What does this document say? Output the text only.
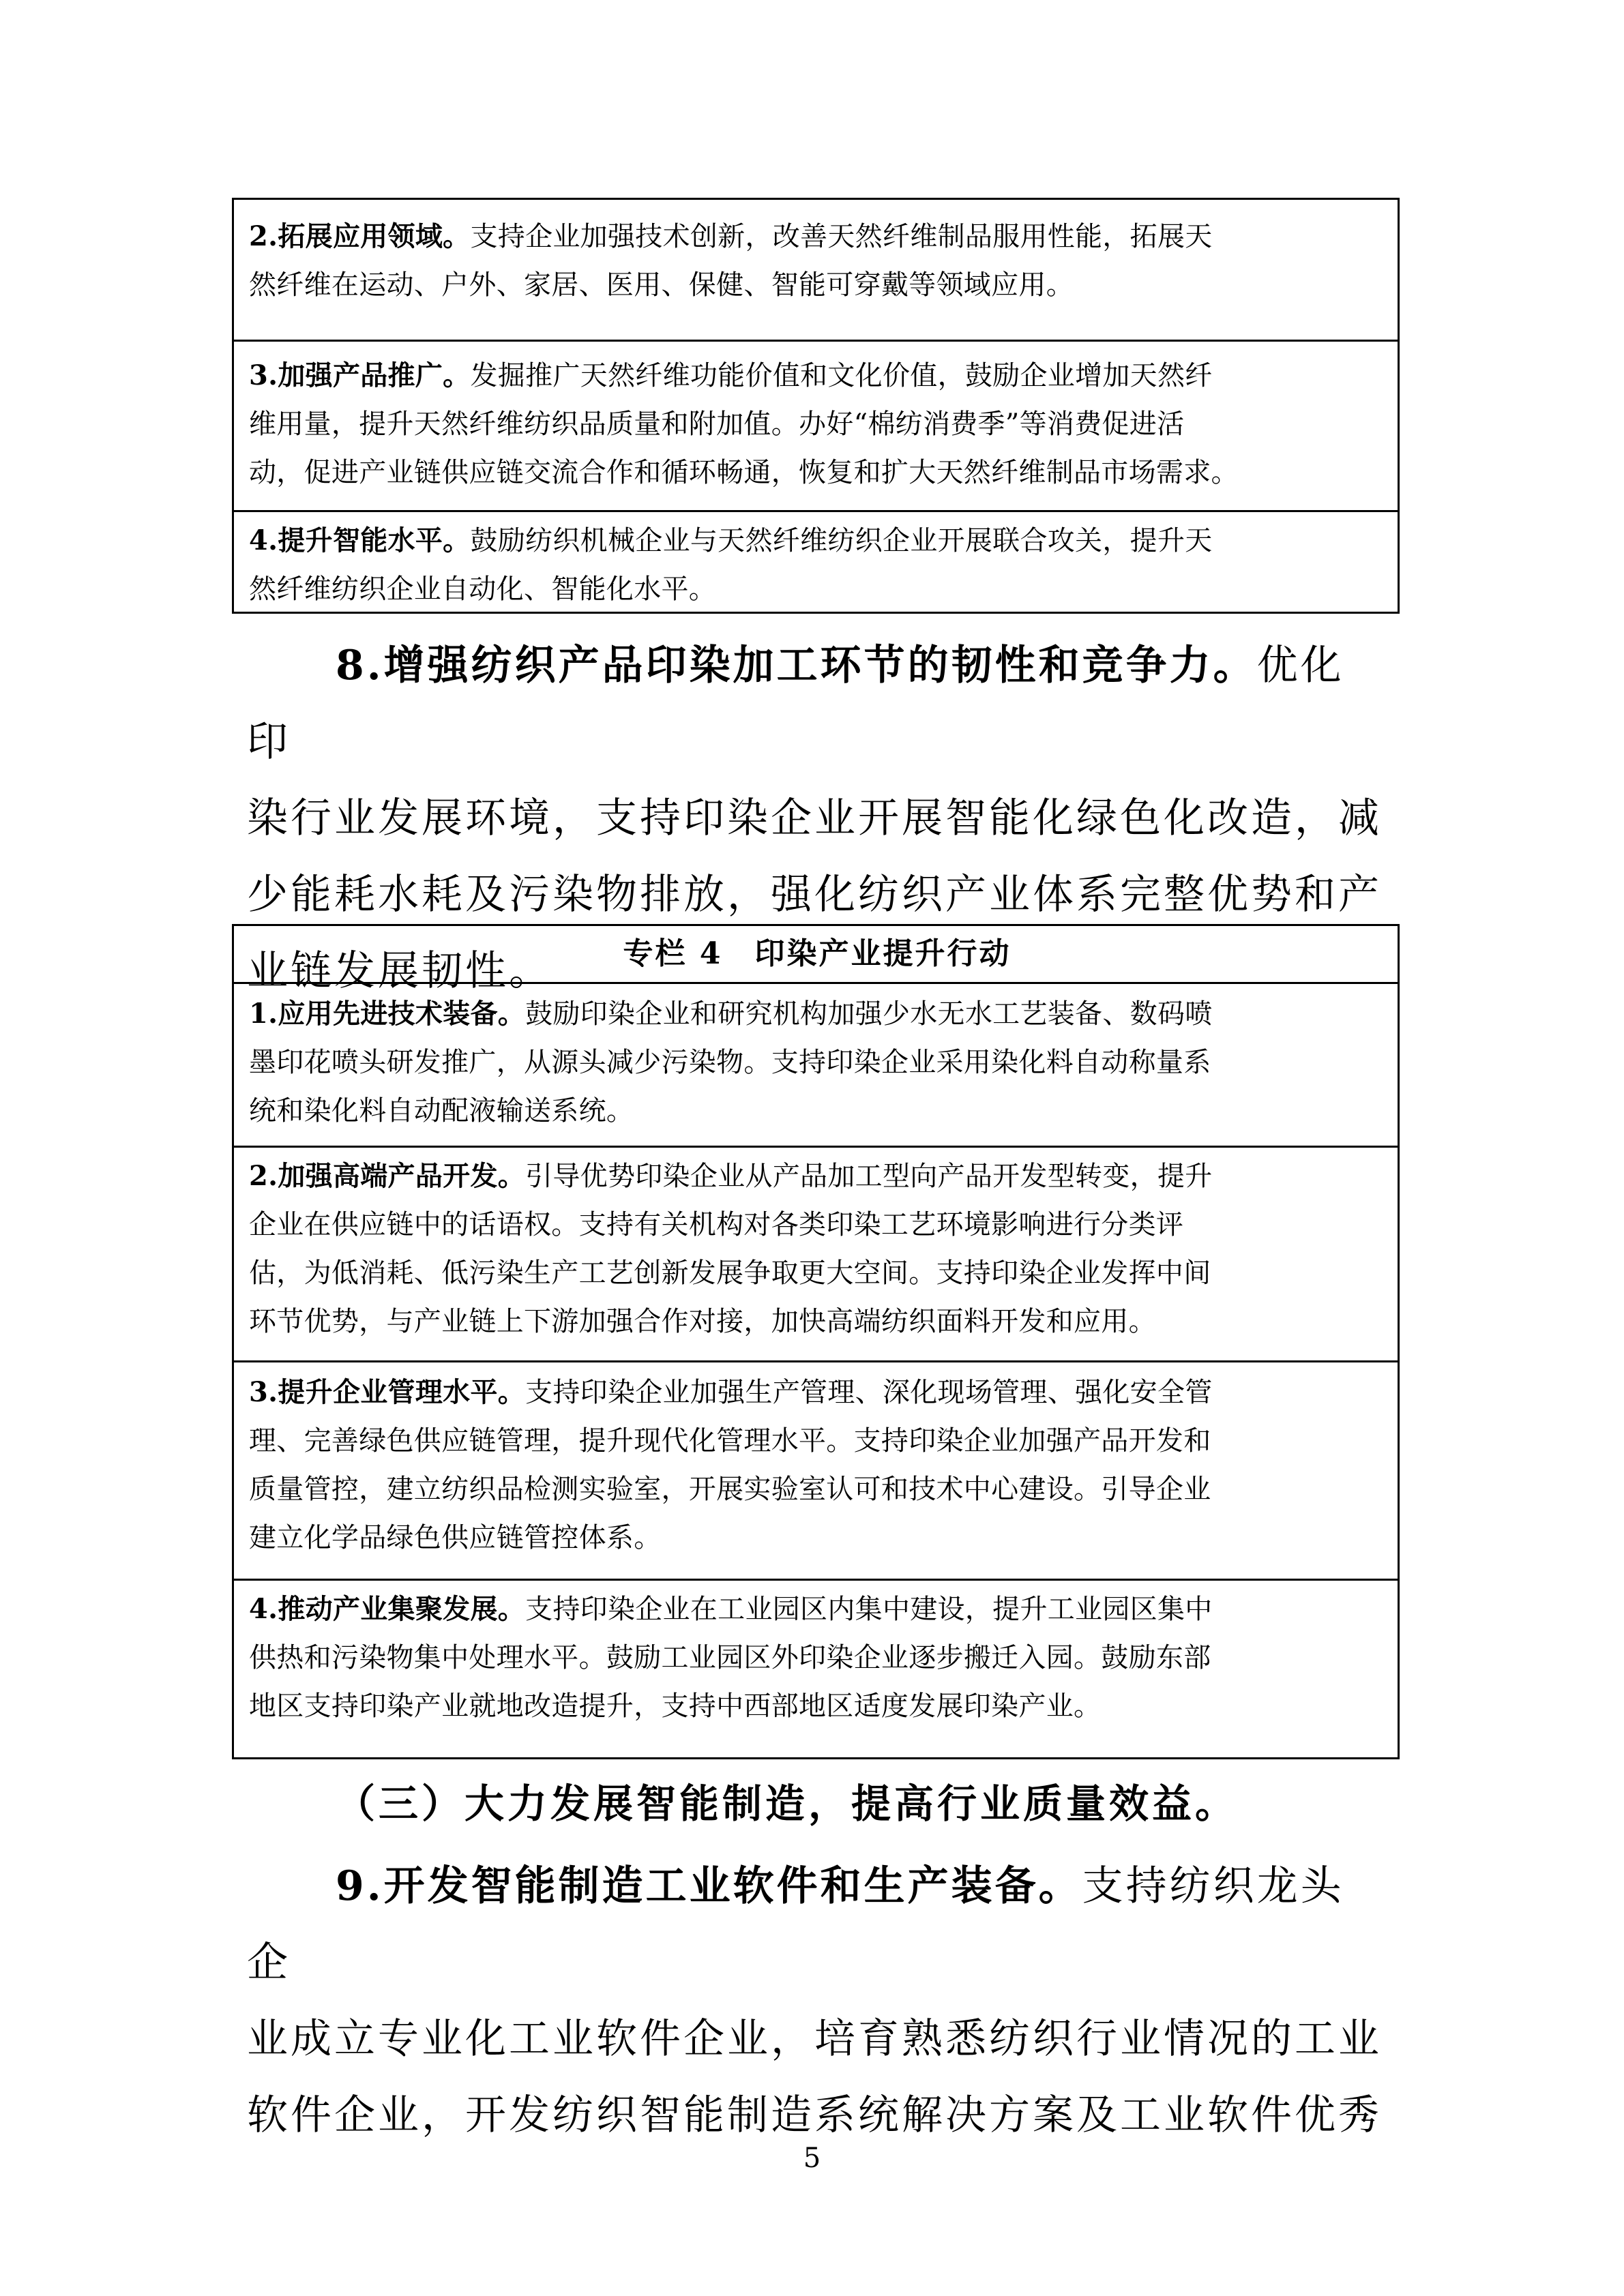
2.拓展应用领域。支持企业加强技术创新，改善天然纤维制品服用性能，拓展天
然纤维在运动、户外、家居、医用、保健、智能可穿戴等领域应用。
3.加强产品推广。发掘推广天然纤维功能价值和文化价值，鼓励企业增加天然纤
维用量，提升天然纤维纺织品质量和附加值。办好“棉纺消费季”等消费促进活
动，促进产业链供应链交流合作和循环畅通，恢复和扩大天然纤维制品市场需求。
4.提升智能水平。鼓励纺织机械企业与天然纤维纺织企业开展联合攻关，提升天
然纤维纺织企业自动化、智能化水平。

8.增强纺织产品印染加工环节的韧性和竞争力。优化印
染行业发展环境，支持印染企业开展智能化绿色化改造，减
少能耗水耗及污染物排放，强化纺织产业体系完整优势和产
业链发展韧性。	专栏 4　印染产业提升行动
1.应用先进技术装备。鼓励印染企业和研究机构加强少水无水工艺装备、数码喷
墨印花喷头研发推广，从源头减少污染物。支持印染企业采用染化料自动称量系
统和染化料自动配液输送系统。
2.加强高端产品开发。引导优势印染企业从产品加工型向产品开发型转变，提升
企业在供应链中的话语权。支持有关机构对各类印染工艺环境影响进行分类评
估，为低消耗、低污染生产工艺创新发展争取更大空间。支持印染企业发挥中间
环节优势，与产业链上下游加强合作对接，加快高端纺织面料开发和应用。
3.提升企业管理水平。支持印染企业加强生产管理、深化现场管理、强化安全管
理、完善绿色供应链管理，提升现代化管理水平。支持印染企业加强产品开发和
质量管控，建立纺织品检测实验室，开展实验室认可和技术中心建设。引导企业
建立化学品绿色供应链管控体系。
4.推动产业集聚发展。支持印染企业在工业园区内集中建设，提升工业园区集中
供热和污染物集中处理水平。鼓励工业园区外印染企业逐步搬迁入园。鼓励东部
地区支持印染产业就地改造提升，支持中西部地区适度发展印染产业。
（三）大力发展智能制造，提高行业质量效益。

9.开发智能制造工业软件和生产装备。支持纺织龙头企
业成立专业化工业软件企业，培育熟悉纺织行业情况的工业
软件企业，开发纺织智能制造系统解决方案及工业软件优秀

5
